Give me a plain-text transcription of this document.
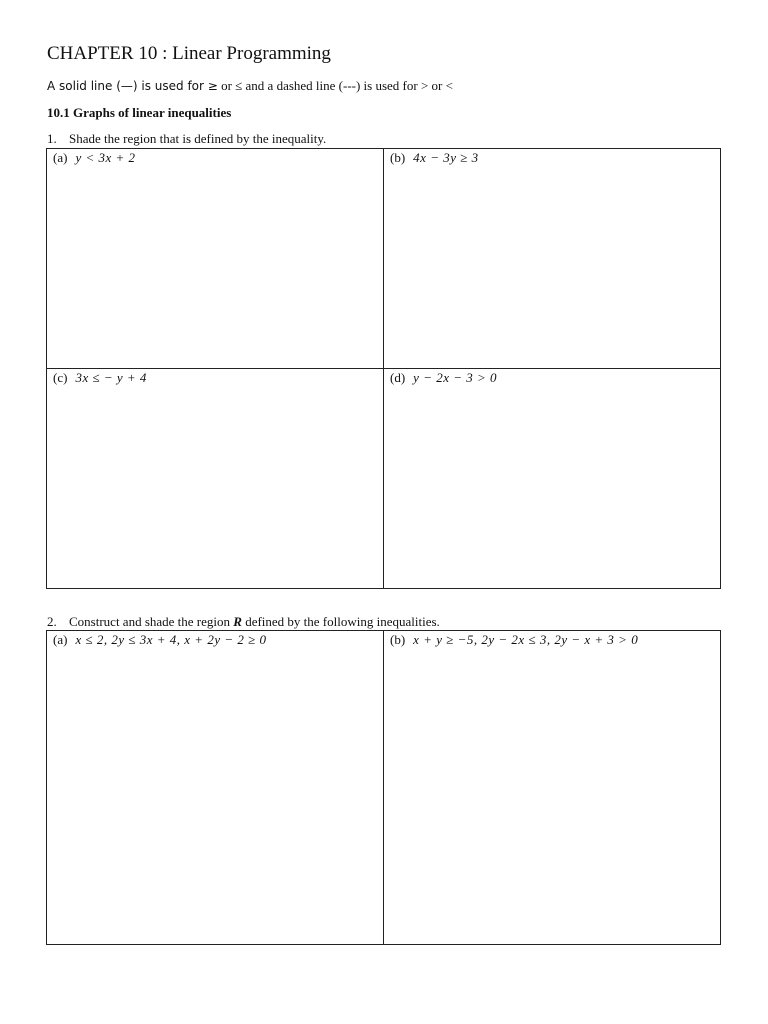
CHAPTER 10 : Linear Programming
A solid line (—) is used for ≥ or ≤ and a dashed line (---) is used for > or <
10.1 Graphs of linear inequalities
1. Shade the region that is defined by the inequality.
(a) y < 3x + 2	(b) 4x − 3y ≥ 3
(c) 3x ≤ − y + 4	(d) y − 2x − 3 > 0
2. Construct and shade the region R defined by the following inequalities.
(a) x ≤ 2, 2y ≤ 3x + 4, x + 2y − 2 ≥ 0	(b) x + y ≥ −5, 2y − 2x ≤ 3, 2y − x + 3 > 0
